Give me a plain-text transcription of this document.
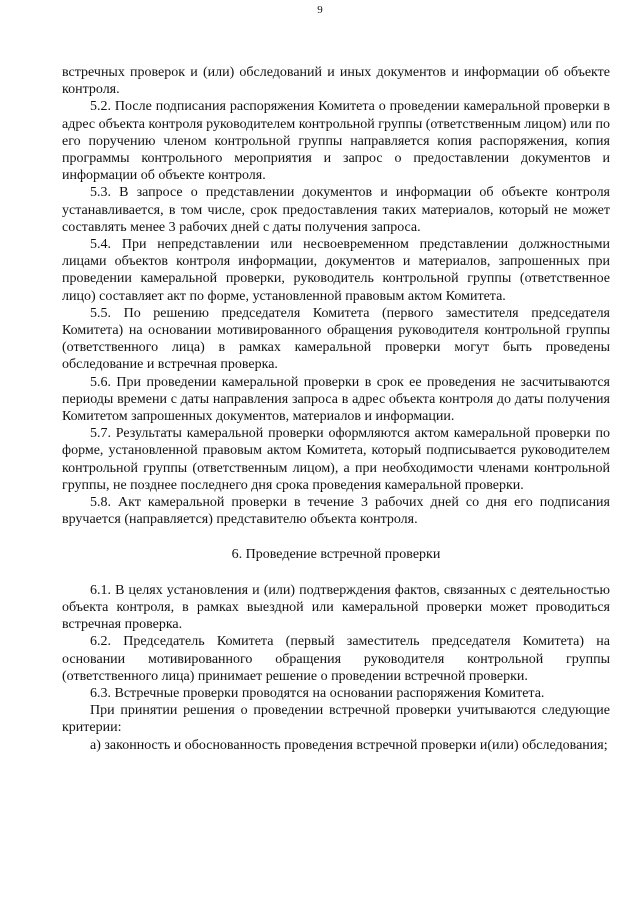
9

встречных проверок и (или) обследований и иных документов и информации об объекте контроля.

5.2. После подписания распоряжения Комитета о проведении камеральной проверки в адрес объекта контроля руководителем контрольной группы (ответственным лицом) или по его поручению членом контрольной группы направляется копия распоряжения, копия программы контрольного мероприятия и запрос о предоставлении документов и информации об объекте контроля.

5.3. В запросе о представлении документов и информации об объекте контроля устанавливается, в том числе, срок предоставления таких материалов, который не может составлять менее 3 рабочих дней с даты получения запроса.

5.4. При непредставлении или несвоевременном представлении должностными лицами объектов контроля информации, документов и материалов, запрошенных при проведении камеральной проверки, руководитель контрольной группы (ответственное лицо) составляет акт по форме, установленной правовым актом Комитета.

5.5. По решению председателя Комитета (первого заместителя председателя Комитета) на основании мотивированного обращения руководителя контрольной группы (ответственного лица) в рамках камеральной проверки могут быть проведены обследование и встречная проверка.

5.6. При проведении камеральной проверки в срок ее проведения не засчитываются периоды времени с даты направления запроса в адрес объекта контроля до даты получения Комитетом запрошенных документов, материалов и информации.

5.7. Результаты камеральной проверки оформляются актом камеральной проверки по форме, установленной правовым актом Комитета, который подписывается руководителем контрольной группы (ответственным лицом), а при необходимости членами контрольной группы, не позднее последнего дня срока проведения камеральной проверки.

5.8. Акт камеральной проверки в течение 3 рабочих дней со дня его подписания вручается (направляется) представителю объекта контроля.

6. Проведение встречной проверки

6.1. В целях установления и (или) подтверждения фактов, связанных с деятельностью объекта контроля, в рамках выездной или камеральной проверки может проводиться встречная проверка.

6.2. Председатель Комитета (первый заместитель председателя Комитета) на основании мотивированного обращения руководителя контрольной группы (ответственного лица) принимает решение о проведении встречной проверки.

6.3. Встречные проверки проводятся на основании распоряжения Комитета.

При принятии решения о проведении встречной проверки учитываются следующие критерии:

а) законность и обоснованность проведения встречной проверки и(или) обследования;
